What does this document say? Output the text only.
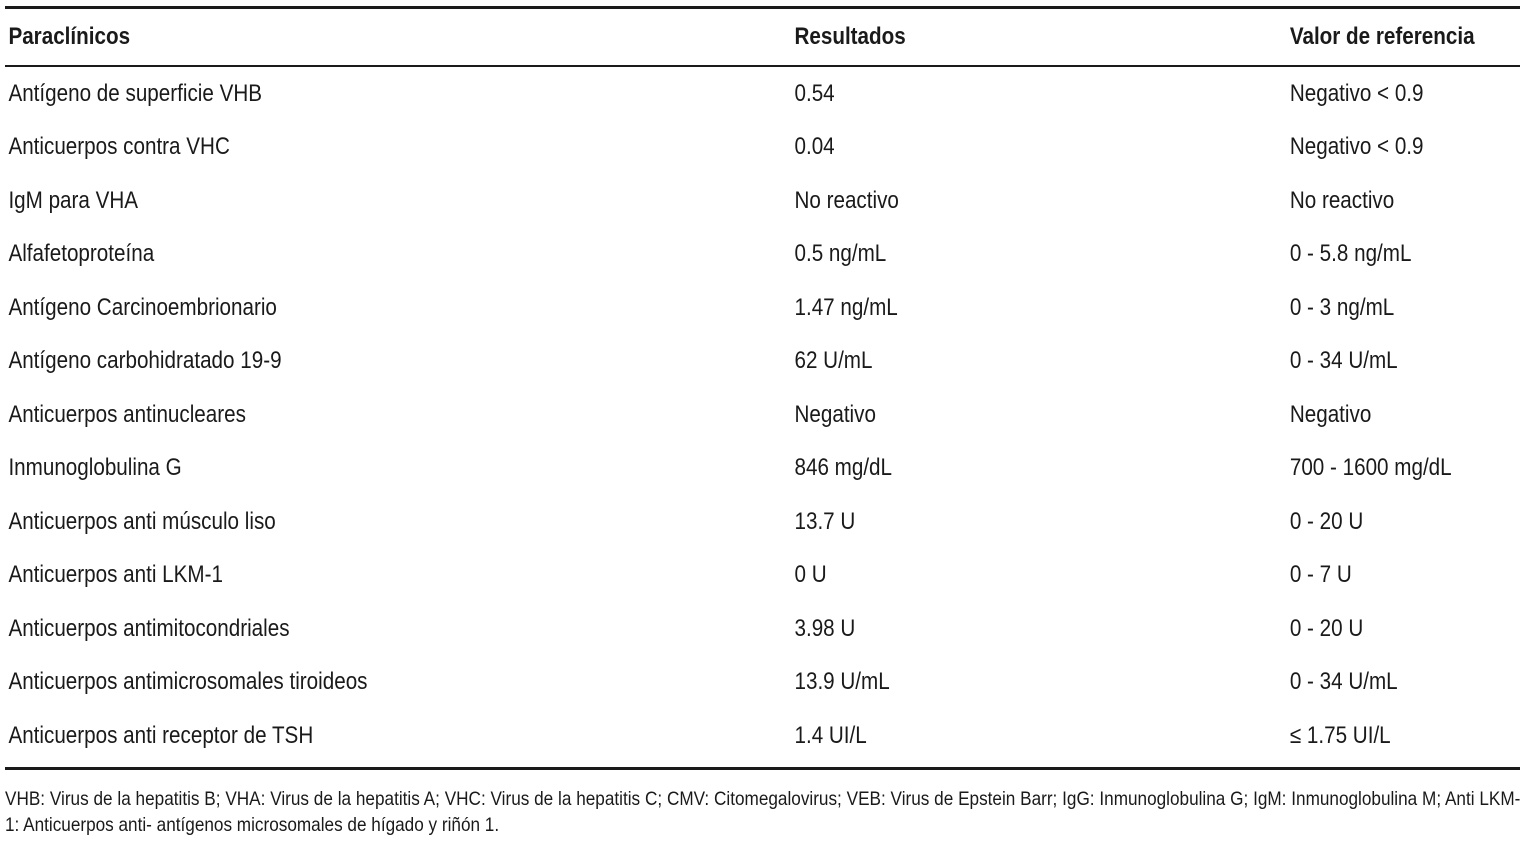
Paraclínicos	Resultados	Valor de referencia
Antígeno de superficie VHB	0.54	Negativo < 0.9
Anticuerpos contra VHC	0.04	Negativo < 0.9
IgM para VHA	No reactivo	No reactivo
Alfafetoproteína	0.5 ng/mL	0 - 5.8 ng/mL
Antígeno Carcinoembrionario	1.47 ng/mL	0 - 3 ng/mL
Antígeno carbohidratado 19-9	62 U/mL	0 - 34 U/mL
Anticuerpos antinucleares	Negativo	Negativo
Inmunoglobulina G	846 mg/dL	700 - 1600 mg/dL
Anticuerpos anti músculo liso	13.7 U	0 - 20 U
Anticuerpos anti LKM-1	0 U	0 - 7 U
Anticuerpos antimitocondriales	3.98 U	0 - 20 U
Anticuerpos antimicrosomales tiroideos	13.9 U/mL	0 - 34 U/mL
Anticuerpos anti receptor de TSH	1.4 UI/L	≤ 1.75 UI/L
VHB: Virus de la hepatitis B; VHA: Virus de la hepatitis A; VHC: Virus de la hepatitis C; CMV: Citomegalovirus; VEB: Virus de Epstein Barr; IgG: Inmunoglobulina G; IgM: Inmunoglobulina M; Anti LKM-1: Anticuerpos anti- antígenos microsomales de hígado y riñón 1.
